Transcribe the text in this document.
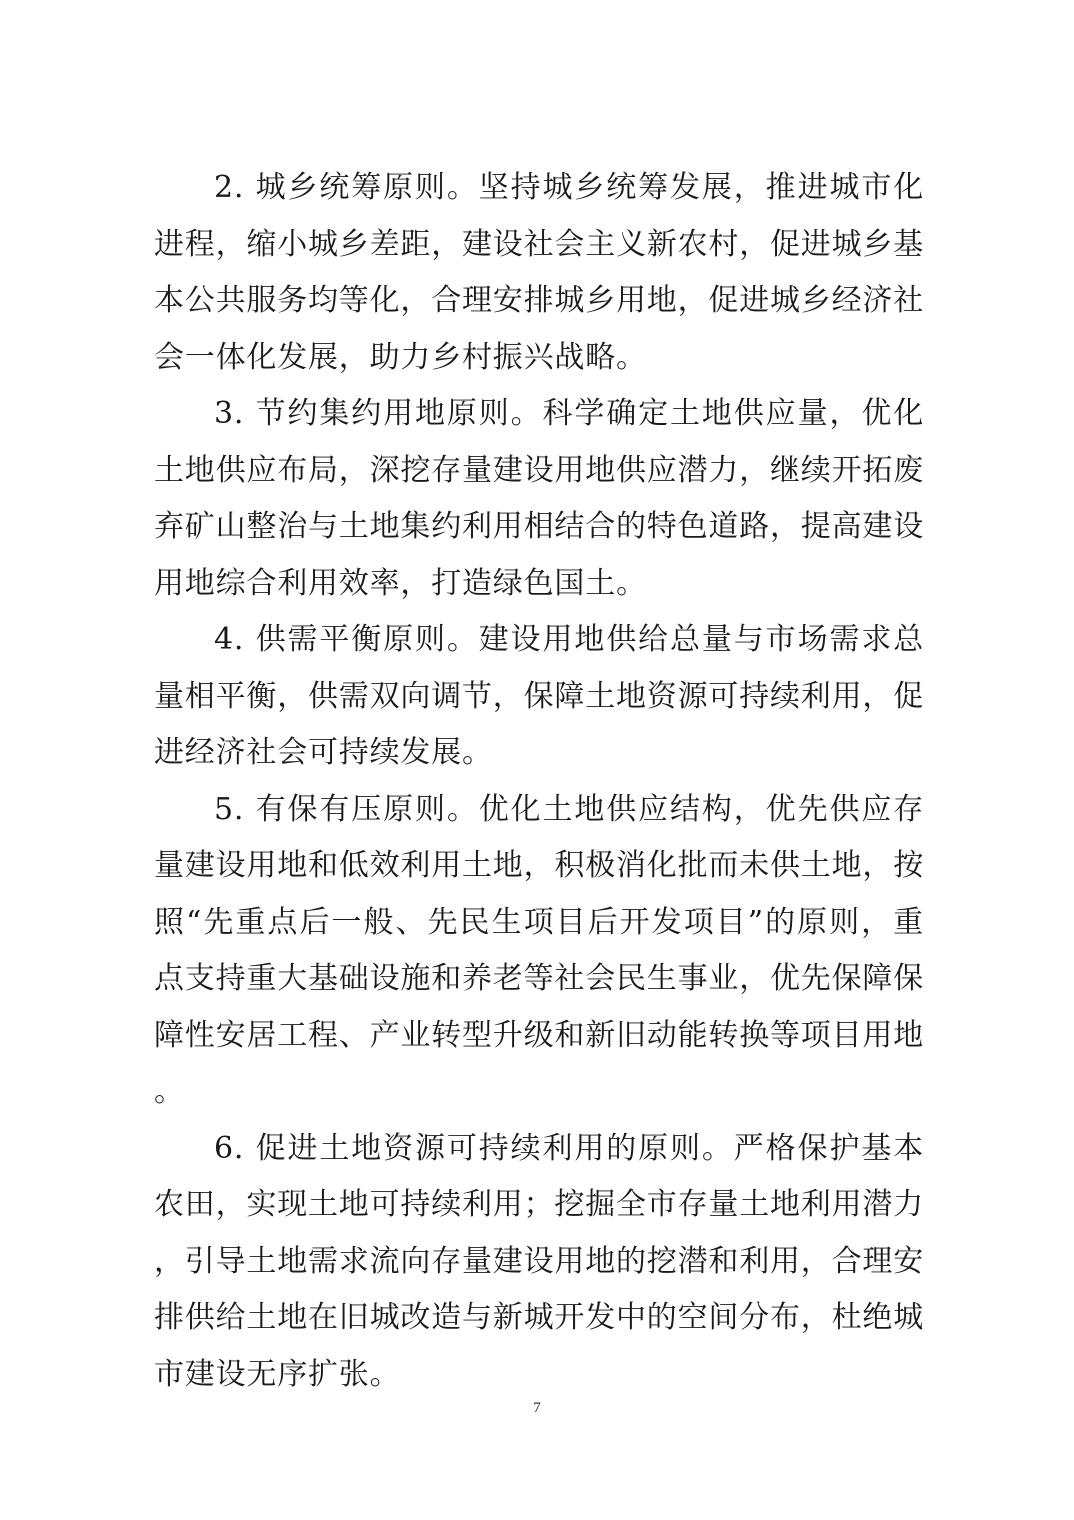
2. 城乡统筹原则。坚持城乡统筹发展，推进城市化进程，缩小城乡差距，建设社会主义新农村，促进城乡基本公共服务均等化，合理安排城乡用地，促进城乡经济社会一体化发展，助力乡村振兴战略。

3. 节约集约用地原则。科学确定土地供应量，优化土地供应布局，深挖存量建设用地供应潜力，继续开拓废弃矿山整治与土地集约利用相结合的特色道路，提高建设用地综合利用效率，打造绿色国土。

4. 供需平衡原则。建设用地供给总量与市场需求总量相平衡，供需双向调节，保障土地资源可持续利用，促进经济社会可持续发展。

5. 有保有压原则。优化土地供应结构，优先供应存量建设用地和低效利用土地，积极消化批而未供土地，按照“先重点后一般、先民生项目后开发项目”的原则，重点支持重大基础设施和养老等社会民生事业，优先保障保障性安居工程、产业转型升级和新旧动能转换等项目用地。

6. 促进土地资源可持续利用的原则。严格保护基本农田，实现土地可持续利用；挖掘全市存量土地利用潜力，引导土地需求流向存量建设用地的挖潜和利用，合理安排供给土地在旧城改造与新城开发中的空间分布，杜绝城市建设无序扩张。

7
